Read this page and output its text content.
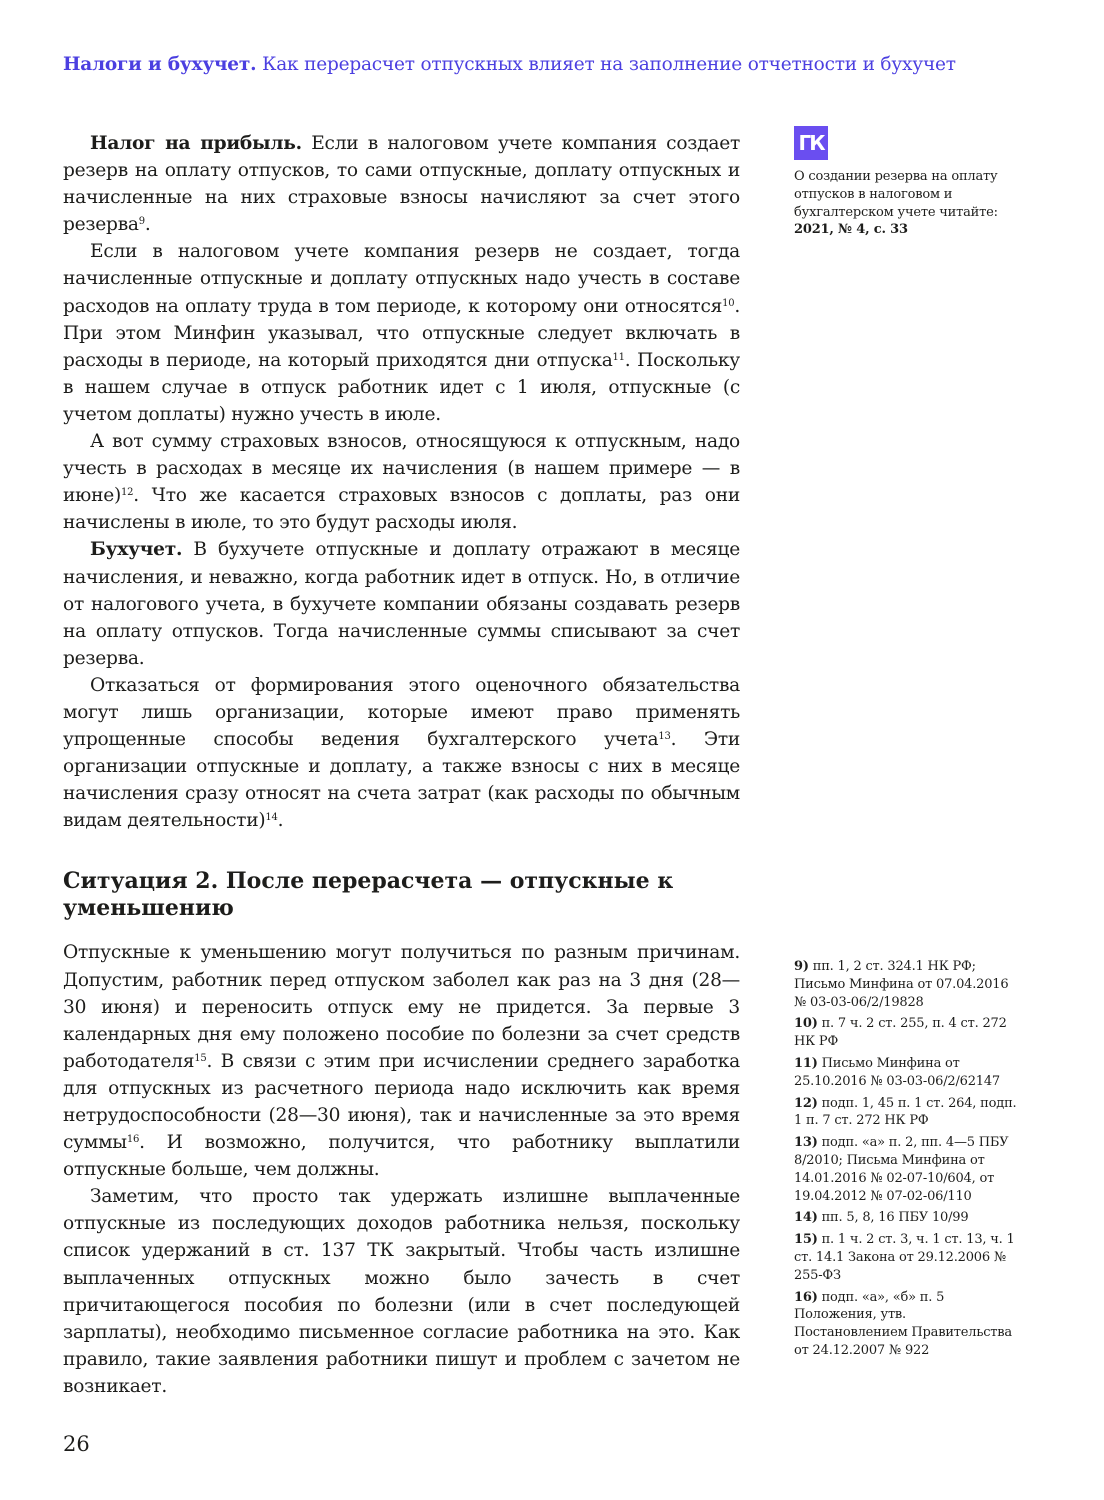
Налоги и бухучет. Как перерасчет отпускных влияет на заполнение отчетности и бухучет

Налог на прибыль. Если в налоговом учете компания создает резерв на оплату отпусков, то сами отпускные, доплату отпускных и начисленные на них страховые взносы начисляют за счет этого резерва$^9$.

Если в налоговом учете компания резерв не создает, тогда начисленные отпускные и доплату отпускных надо учесть в составе расходов на оплату труда в том периоде, к которому они относятся$^{10}$. При этом Минфин указывал, что отпускные следует включать в расходы в периоде, на который приходятся дни отпуска$^{11}$. Поскольку в нашем случае в отпуск работник идет с 1 июля, отпускные (с учетом доплаты) нужно учесть в июле.

А вот сумму страховых взносов, относящуюся к отпускным, надо учесть в расходах в месяце их начисления (в нашем примере — в июне)$^{12}$. Что же касается страховых взносов с доплаты, раз они начислены в июле, то это будут расходы июля.

Бухучет. В бухучете отпускные и доплату отражают в месяце начисления, и неважно, когда работник идет в отпуск. Но, в отличие от налогового учета, в бухучете компании обязаны создавать резерв на оплату отпусков. Тогда начисленные суммы списывают за счет резерва.

Отказаться от формирования этого оценочного обязательства могут лишь организации, которые имеют право применять упрощенные способы ведения бухгалтерского учета$^{13}$. Эти организации отпускные и доплату, а также взносы с них в месяце начисления сразу относят на счета затрат (как расходы по обычным видам деятельности)$^{14}$.

Ситуация 2. После перерасчета — отпускные к уменьшению

Отпускные к уменьшению могут получиться по разным причинам. Допустим, работник перед отпуском заболел как раз на 3 дня (28—30 июня) и переносить отпуск ему не придется. За первые 3 календарных дня ему положено пособие по болезни за счет средств работодателя$^{15}$. В связи с этим при исчислении среднего заработка для отпускных из расчетного периода надо исключить как время нетрудоспособности (28—30 июня), так и начисленные за это время суммы$^{16}$. И возможно, получится, что работнику выплатили отпускные больше, чем должны.

Заметим, что просто так удержать излишне выплаченные отпускные из последующих доходов работника нельзя, поскольку список удержаний в ст. 137 ТК закрытый. Чтобы часть излишне выплаченных отпускных можно было зачесть в счет причитающегося пособия по болезни (или в счет последующей зарплаты), необходимо письменное согласие работника на это. Как правило, такие заявления работники пишут и проблем с зачетом не возникает.

ГК
О создании резерва на оплату отпусков в налоговом и бухгалтерском учете читайте:
2021, № 4, с. 33
9) пп. 1, 2 ст. 324.1 НК РФ; Письмо Минфина от 07.04.2016 № 03-03-06/2/19828
10) п. 7 ч. 2 ст. 255, п. 4 ст. 272 НК РФ
11) Письмо Минфина от 25.10.2016 № 03-03-06/2/62147
12) подп. 1, 45 п. 1 ст. 264, подп. 1 п. 7 ст. 272 НК РФ
13) подп. «а» п. 2, пп. 4—5 ПБУ 8/2010; Письма Минфина от 14.01.2016 № 02-07-10/604, от 19.04.2012 № 07-02-06/110
14) пп. 5, 8, 16 ПБУ 10/99
15) п. 1 ч. 2 ст. 3, ч. 1 ст. 13, ч. 1 ст. 14.1 Закона от 29.12.2006 № 255-ФЗ
16) подп. «а», «б» п. 5 Положения, утв. Постановлением Правительства от 24.12.2007 № 922
26
